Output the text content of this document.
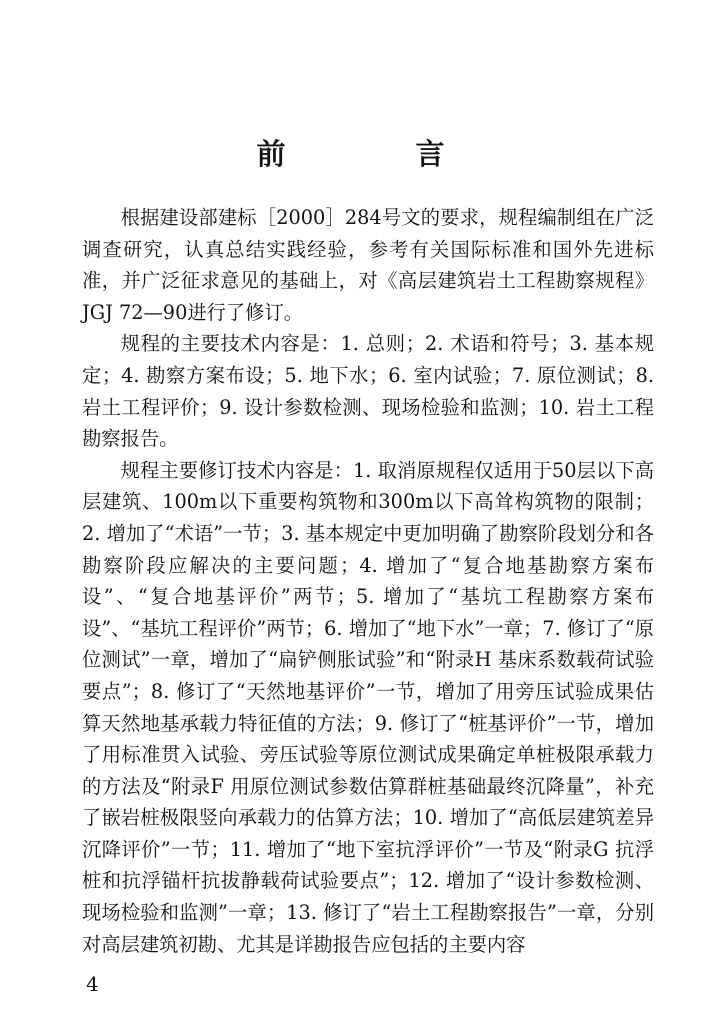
前 言

根据建设部建标［2000］284号文的要求，规程编制组在广泛调查研究，认真总结实践经验，参考有关国际标准和国外先进标准，并广泛征求意见的基础上，对《高层建筑岩土工程勘察规程》JGJ 72—90进行了修订。

规程的主要技术内容是：1. 总则；2. 术语和符号；3. 基本规定；4. 勘察方案布设；5. 地下水；6. 室内试验；7. 原位测试；8. 岩土工程评价；9. 设计参数检测、现场检验和监测；10. 岩土工程勘察报告。

规程主要修订技术内容是：1. 取消原规程仅适用于50层以下高层建筑、100m以下重要构筑物和300m以下高耸构筑物的限制；2. 增加了“术语”一节；3. 基本规定中更加明确了勘察阶段划分和各勘察阶段应解决的主要问题；4. 增加了“复合地基勘察方案布设”、“复合地基评价”两节；5. 增加了“基坑工程勘察方案布设”、“基坑工程评价”两节；6. 增加了“地下水”一章；7. 修订了“原位测试”一章，增加了“扁铲侧胀试验”和“附录H 基床系数载荷试验要点”；8. 修订了“天然地基评价”一节，增加了用旁压试验成果估算天然地基承载力特征值的方法；9. 修订了“桩基评价”一节，增加了用标准贯入试验、旁压试验等原位测试成果确定单桩极限承载力的方法及“附录F 用原位测试参数估算群桩基础最终沉降量”，补充了嵌岩桩极限竖向承载力的估算方法；10. 增加了“高低层建筑差异沉降评价”一节；11. 增加了“地下室抗浮评价”一节及“附录G 抗浮桩和抗浮锚杆抗拔静载荷试验要点”；12. 增加了“设计参数检测、现场检验和监测”一章；13. 修订了“岩土工程勘察报告”一章，分别对高层建筑初勘、尤其是详勘报告应包括的主要内容

4
